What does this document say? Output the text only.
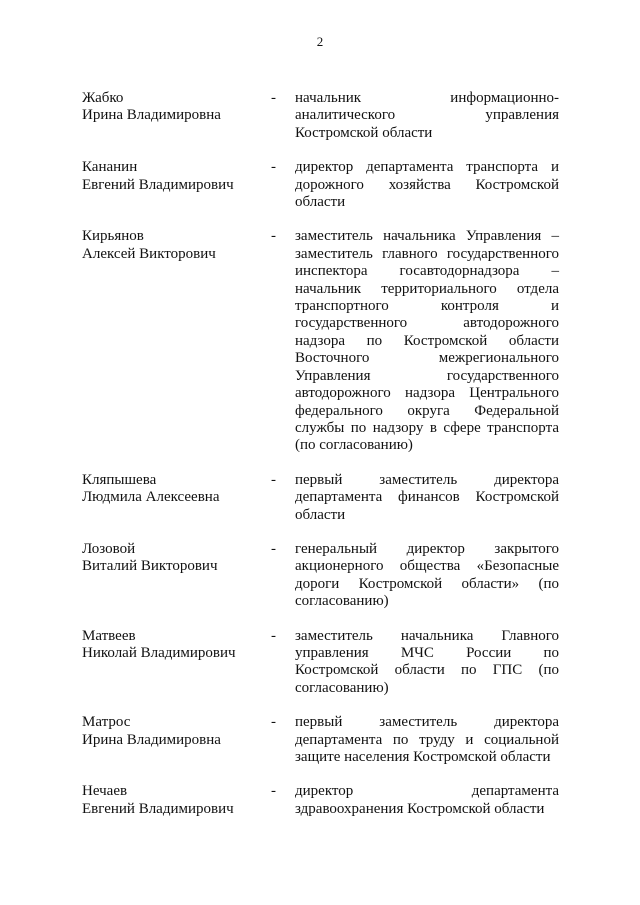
2
Жабко
Ирина Владимировна
-	начальник информационно-
аналитического управления
Костромской области
Кананин
Евгений Владимирович
-	директор департамента транспорта и
дорожного хозяйства Костромской
области
Кирьянов
Алексей Викторович
-	заместитель начальника Управления –
заместитель главного государственного
инспектора госавтодорнадзора –
начальник территориального отдела
транспортного контроля и
государственного автодорожного
надзора по Костромской области
Восточного межрегионального
Управления государственного
автодорожного надзора Центрального
федерального округа Федеральной
службы по надзору в сфере транспорта
(по согласованию)
Кляпышева
Людмила Алексеевна
-	первый заместитель директора
департамента финансов Костромской
области
Лозовой
Виталий Викторович
-	генеральный директор закрытого
акционерного общества «Безопасные
дороги Костромской области» (по
согласованию)
Матвеев
Николай Владимирович
-	заместитель начальника Главного
управления МЧС России по
Костромской области по ГПС (по
согласованию)
Матрос
Ирина Владимировна
-	первый заместитель директора
департамента по труду и социальной
защите населения Костромской области
Нечаев
Евгений Владимирович
-	директор департамента
здравоохранения Костромской области
